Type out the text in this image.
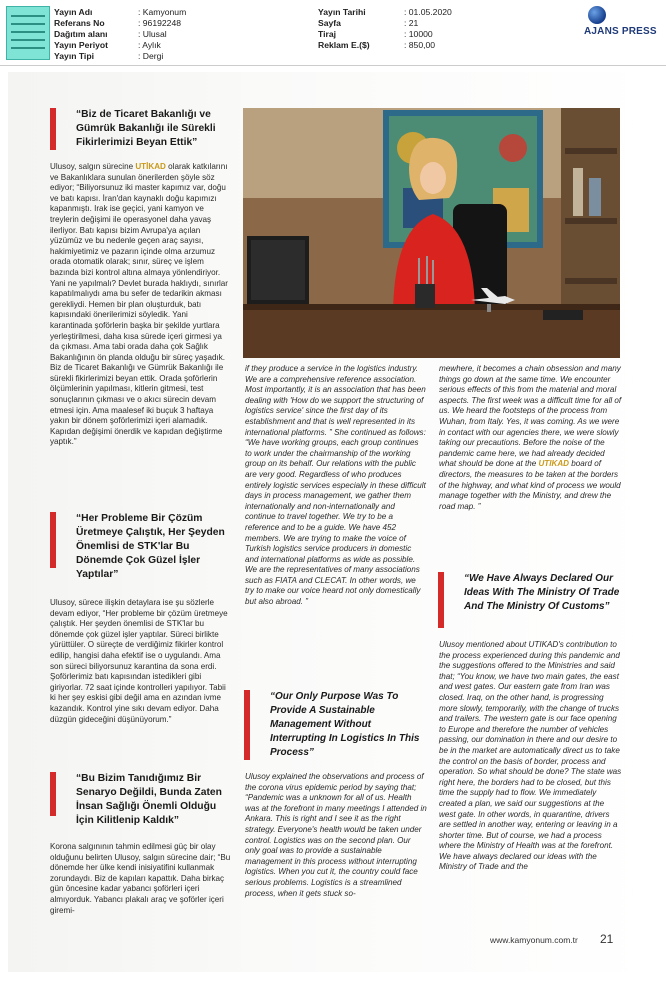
Yayın Adı	: Kamyonum
Referans No	: 96192248
Dağıtım alanı	: Ulusal
Yayın Periyot	: Aylık
Yayın Tipi	: Dergi
Yayın Tarihi	: 01.05.2020
Sayfa	: 21
Tiraj	: 10000
Reklam E.($)	: 850,00
AJANS PRESS
“Biz de Ticaret Bakanlığı ve Gümrük Bakanlığı ile Sürekli Fikirlerimizi Beyan Ettik”
Ulusoy, salgın sürecine UTİKAD olarak katkılarını ve Bakanlıklara sunulan önerilerden şöyle söz ediyor; “Biliyorsunuz iki master kapımız var, doğu ve batı kapısı. İran'dan kaynaklı doğu kapımızı kapanmıştı. Irak ise geçici, yani kamyon ve treylerin değişimi ile operasyonel daha yavaş ilerliyor. Batı kapısı bizim Avrupa'ya açılan yüzümüz ve bu nedenle geçen araç sayısı, hakimiyetimiz ve pazarın içinde olma arzumuz orada otomatik olarak; sınır, süreç ve işlem bazında bizi kontrol altına almaya yönlendiriyor. Yani ne yapılmalı? Devlet burada haklıydı, sınırlar kapatılmalıydı ama bu sefer de tedarikin akması gerekliydi. Hemen bir plan oluşturduk, batı kapısındaki önerilerimizi söyledik. Yani karantinada şoförlerin başka bir şekilde yurtlara yerleştirilmesi, daha kısa sürede içeri girmesi ya da çıkması. Ama tabi orada daha çok Sağlık Bakanlığının ön planda olduğu bir süreç yaşadık. Biz de Ticaret Bakanlığı ve Gümrük Bakanlığı ile sürekli fikirlerimizi beyan ettik. Orada şoförlerin ölçümlerinin yapılması, kitlerin gitmesi, test sonuçlarının çıkması ve o akıcı sürecin devam etmesi için. Ama maalesef iki buçuk 3 haftaya yakın bir dönem şoförlerimizi içeri alamadık. Kapıdan değişimi önerdik ve kapıdan değiştirme yaptık.”
“Her Probleme Bir Çözüm Üretmeye Çalıştık, Her Şeyden Önemlisi de STK'lar Bu Dönemde Çok Güzel İşler Yaptılar”
Ulusoy, sürece ilişkin detaylara ise şu sözlerle devam ediyor, “Her probleme bir çözüm üretmeye çalıştık. Her şeyden önemlisi de STK'lar bu dönemde çok güzel işler yaptılar. Süreci birlikte yürüttüler. O süreçte de verdiğimiz fikirler kontrol edilip, hangisi daha efektif ise o uygulandı. Ama son süreci biliyorsunuz karantina da sona erdi. Şoförlerimiz batı kapısından istedikleri gibi giriyorlar. 72 saat içinde kontrolleri yapılıyor. Tabii ki her şey eskisi gibi değil ama en azından ivme kazandık. Kontrol yine sıkı devam ediyor. Daha düzgün gideceğini düşünüyorum.”
“Bu Bizim Tanıdığımız Bir Senaryo Değildi, Bunda Zaten İnsan Sağlığı Önemli Olduğu İçin Kilitlenip Kaldık”
Korona salgınının tahmin edilmesi güç bir olay olduğunu belirten Ulusoy, salgın sürecine dair; “Bu dönemde her ülke kendi inisiyatifini kullanmak zorundaydı. Biz de kapıları kapattık. Daha birkaç gün öncesine kadar yabancı şoförleri içeri almıyorduk. Yabancı plakalı araç ve şoförler içeri giremi-
if they produce a service in the logistics industry. We are a comprehensive reference association. Most importantly, it is an association that has been dealing with 'How do we support the structuring of logistics service' since the first day of its establishment and that is well represented in its international platforms. ” She continued as follows: “We have working groups, each group continues to work under the chairmanship of the working group on its behalf. Our relations with the public are very good. Regardless of who produces entirely logistic services especially in these difficult days in process management, we gather them internationally and non-internationally and continue to travel together. We try to be a reference and to be a guide. We have 452 members. We are trying to make the voice of Turkish logistics service producers in domestic and international platforms as wide as possible. We are the representatives of many associations such as FIATA and CLECAT. In other words, we try to make our voice heard not only domestically but also abroad. ”
“Our Only Purpose Was To Provide A Sustainable Management Without Interrupting In Logistics In This Process”
Ulusoy explained the observations and process of the corona virus epidemic period by saying that; “Pandemic was a unknown for all of us. Health was at the forefront in many meetings I attended in Ankara. This is right and I see it as the right strategy. Everyone's health would be taken under control. Logistics was on the second plan. Our only goal was to provide a sustainable management in this process without interrupting logistics. When you cut it, the country could face serious problems. Logistics is a streamlined process, when it gets stuck so-
mewhere, it becomes a chain obsession and many things go down at the same time. We encounter serious effects of this from the material and moral aspects. The first week was a difficult time for all of us. We heard the footsteps of the process from Wuhan, from Italy. Yes, it was coming. As we were in contact with our agencies there, we were slowly taking our precautions. Before the noise of the pandemic came here, we had already decided what should be done at the UTIKAD board of directors, the measures to be taken at the borders of the highway, and what kind of process we would manage together with the Ministry, and drew the road map. ”
“We Have Always Declared Our Ideas With The Ministry Of Trade And The Ministry Of Customs”
Ulusoy mentioned about UTIKAD's contribution to the process experienced during this pandemic and the suggestions offered to the Ministries and said that; “You know, we have two main gates, the east and west gates. Our eastern gate from Iran was closed. Iraq, on the other hand, is progressing more slowly, temporarily, with the change of trucks and trailers. The western gate is our face opening to Europe and therefore the number of vehicles passing, our domination in there and our desire to be in the market are automatically direct us to take the control on the basis of border, process and operation. So what should be done? The state was right here, the borders had to be closed, but this time the supply had to flow. We immediately created a plan, we said our suggestions at the west gate. In other words, in quarantine, drivers are settled in another way, entering or leaving in a shorter time. But of course, we had a process where the Ministry of Health was at the forefront. We have always declared our ideas with the Ministry of Trade and the
www.kamyonum.com.tr 21
